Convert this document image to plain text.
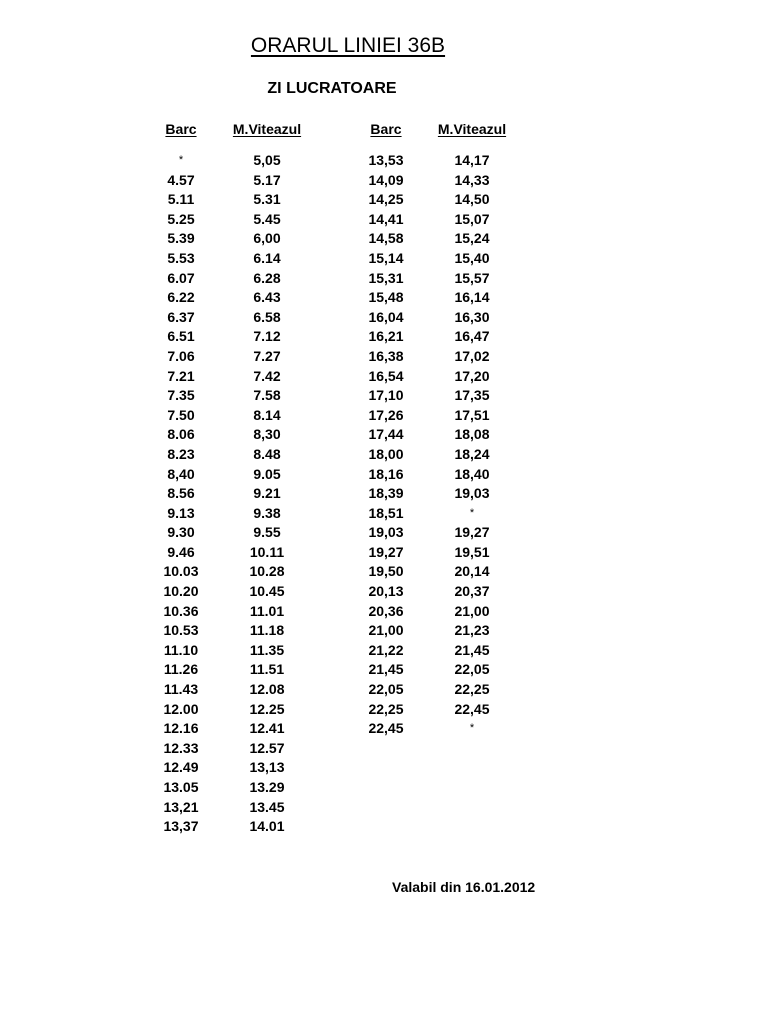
ORARUL LINIEI 36B
ZI LUCRATOARE
Barc
*
4.57
5.11
5.25
5.39
5.53
6.07
6.22
6.37
6.51
7.06
7.21
7.35
7.50
8.06
8.23
8,40
8.56
9.13
9.30
9.46
10.03
10.20
10.36
10.53
11.10
11.26
11.43
12.00
12.16
12.33
12.49
13.05
13,21
13,37
M.Viteazul
5,05
5.17
5.31
5.45
6,00
6.14
6.28
6.43
6.58
7.12
7.27
7.42
7.58
8.14
8,30
8.48
9.05
9.21
9.38
9.55
10.11
10.28
10.45
11.01
11.18
11.35
11.51
12.08
12.25
12.41
12.57
13,13
13.29
13.45
14.01
Barc
13,53
14,09
14,25
14,41
14,58
15,14
15,31
15,48
16,04
16,21
16,38
16,54
17,10
17,26
17,44
18,00
18,16
18,39
18,51
19,03
19,27
19,50
20,13
20,36
21,00
21,22
21,45
22,05
22,25
22,45
M.Viteazul
14,17
14,33
14,50
15,07
15,24
15,40
15,57
16,14
16,30
16,47
17,02
17,20
17,35
17,51
18,08
18,24
18,40
19,03
*
19,27
19,51
20,14
20,37
21,00
21,23
21,45
22,05
22,25
22,45
*
Valabil din 16.01.2012
